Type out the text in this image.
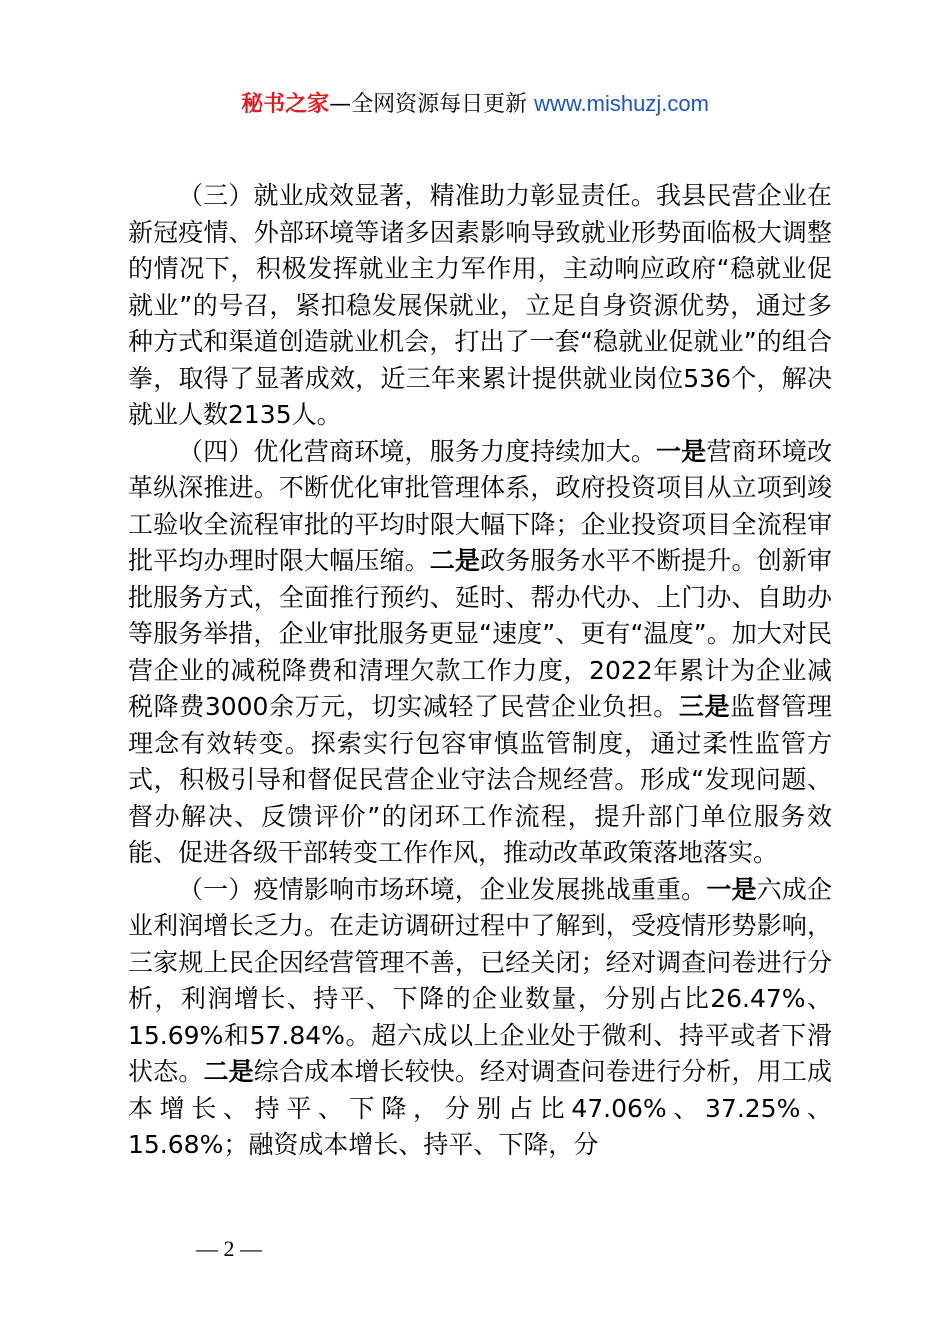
秘书之家—全网资源每日更新 www.mishuzj.com

（三）就业成效显著，精准助力彰显责任。我县民营企业在新冠疫情、外部环境等诸多因素影响导致就业形势面临极大调整的情况下，积极发挥就业主力军作用，主动响应政府“稳就业促就业”的号召，紧扣稳发展保就业，立足自身资源优势，通过多种方式和渠道创造就业机会，打出了一套“稳就业促就业”的组合拳，取得了显著成效，近三年来累计提供就业岗位536个，解决就业人数2135人。

（四）优化营商环境，服务力度持续加大。一是营商环境改革纵深推进。不断优化审批管理体系，政府投资项目从立项到竣工验收全流程审批的平均时限大幅下降；企业投资项目全流程审批平均办理时限大幅压缩。二是政务服务水平不断提升。创新审批服务方式，全面推行预约、延时、帮办代办、上门办、自助办等服务举措，企业审批服务更显“速度”、更有“温度”。加大对民营企业的减税降费和清理欠款工作力度，2022年累计为企业减税降费3000余万元，切实减轻了民营企业负担。三是监督管理理念有效转变。探索实行包容审慎监管制度，通过柔性监管方式，积极引导和督促民营企业守法合规经营。形成“发现问题、督办解决、反馈评价”的闭环工作流程，提升部门单位服务效能、促进各级干部转变工作作风，推动改革政策落地落实。

（一）疫情影响市场环境，企业发展挑战重重。一是六成企业利润增长乏力。在走访调研过程中了解到，受疫情形势影响，三家规上民企因经营管理不善，已经关闭；经对调查问卷进行分析，利润增长、持平、下降的企业数量，分别占比26.47%、15.69%和57.84%。超六成以上企业处于微利、持平或者下滑状态。二是综合成本增长较快。经对调查问卷进行分析，用工成本增长、持平、下降，分别占比47.06%、37.25%、15.68%；融资成本增长、持平、下降，分

— 2 —
